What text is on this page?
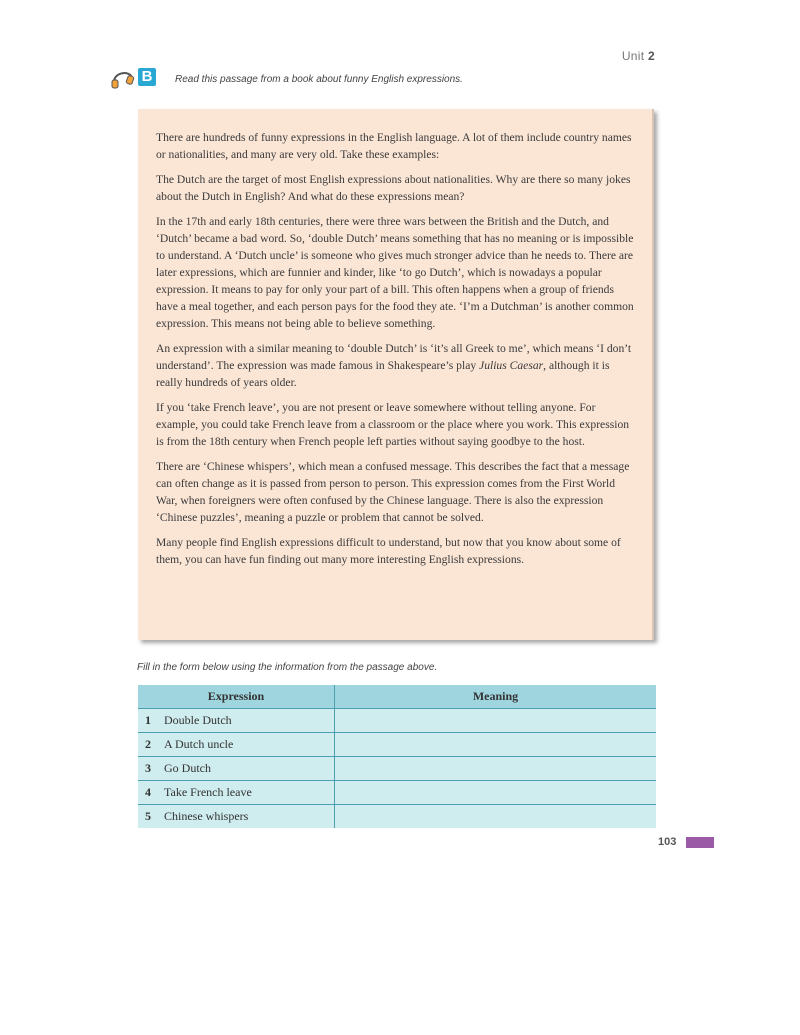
Unit 2
B	Read this passage from a book about funny English expressions.

There are hundreds of funny expressions in the English language. A lot of them include country names or nationalities, and many are very old. Take these examples:

The Dutch are the target of most English expressions about nationalities. Why are there so many jokes about the Dutch in English? And what do these expressions mean?

In the 17th and early 18th centuries, there were three wars between the British and the Dutch, and ‘Dutch’ became a bad word. So, ‘double Dutch’ means something that has no meaning or is impossible to understand. A ‘Dutch uncle’ is someone who gives much stronger advice than he needs to. There are later expressions, which are funnier and kinder, like ‘to go Dutch’, which is nowadays a popular expression. It means to pay for only your part of a bill. This often happens when a group of friends have a meal together, and each person pays for the food they ate. ‘I’m a Dutchman’ is another common expression. This means not being able to believe something.

An expression with a similar meaning to ‘double Dutch’ is ‘it’s all Greek to me’, which means ‘I don’t understand’. The expression was made famous in Shakespeare’s play Julius Caesar, although it is really hundreds of years older.

If you ‘take French leave’, you are not present or leave somewhere without telling anyone. For example, you could take French leave from a classroom or the place where you work. This expression is from the 18th century when French people left parties without saying goodbye to the host.

There are ‘Chinese whispers’, which mean a confused message. This describes the fact that a message can often change as it is passed from person to person. This expression comes from the First World War, when foreigners were often confused by the Chinese language. There is also the expression ‘Chinese puzzles’, meaning a puzzle or problem that cannot be solved.

Many people find English expressions difficult to understand, but now that you know about some of them, you can have fun finding out many more interesting English expressions.

Fill in the form below using the information from the passage above.
Expression		Meaning
1	Double Dutch	
2	A Dutch uncle	
3	Go Dutch	
4	Take French leave	
5	Chinese whispers	
103
